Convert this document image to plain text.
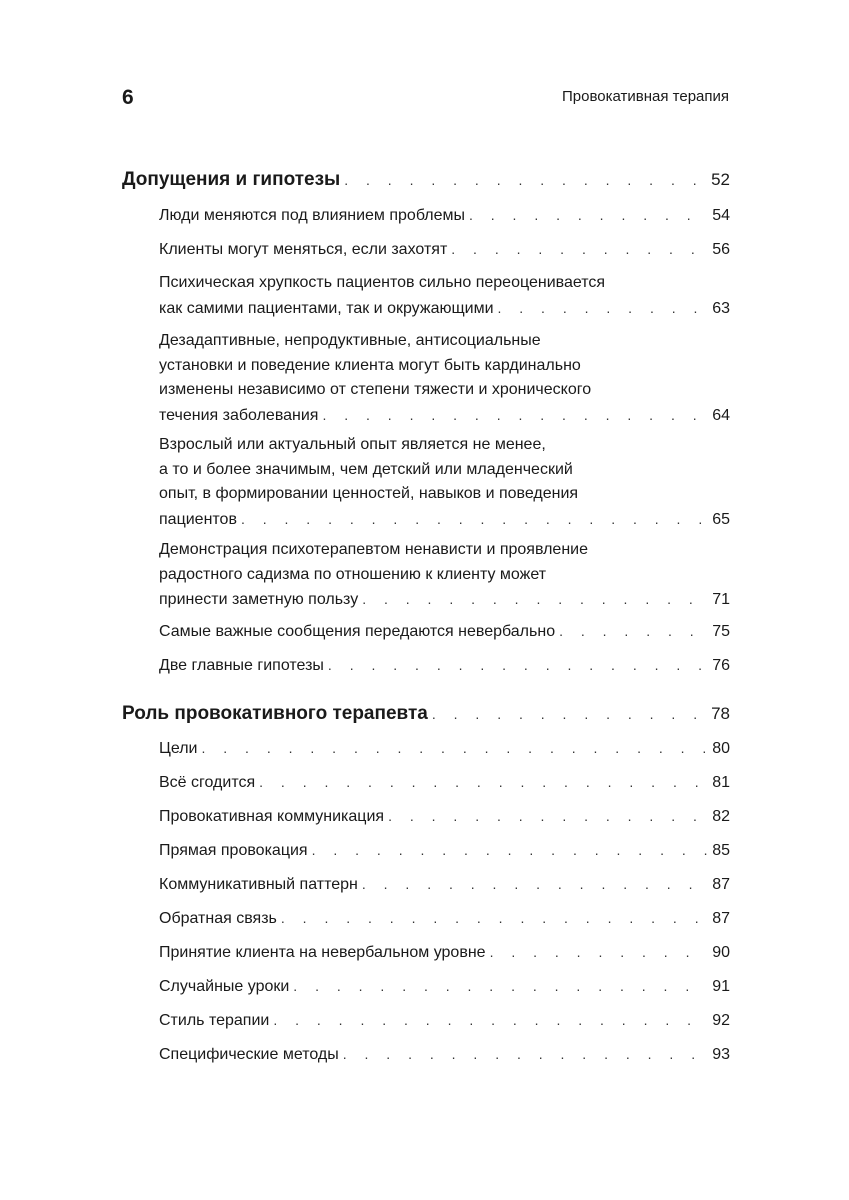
6	Провокативная терапия
Допущения и гипотезы . . .	52
Люди меняются под влиянием проблемы . . .	54
Клиенты могут меняться, если захотят . . .	56
Психическая хрупкость пациентов сильно переоценивается
как самими пациентами, так и окружающими . . .	63
Дезадаптивные, непродуктивные, антисоциальные
установки и поведение клиента могут быть кардинально
изменены независимо от степени тяжести и хронического
течения заболевания . . .	64
Взрослый или актуальный опыт является не менее,
а то и более значимым, чем детский или младенческий
опыт, в формировании ценностей, навыков и поведения
пациентов . . .	65
Демонстрация психотерапевтом ненависти и проявление
радостного садизма по отношению к клиенту может
принести заметную пользу . . .	71
Самые важные сообщения передаются невербально . . .	75
Две главные гипотезы . . .	76
Роль провокативного терапевта . . .	78
Цели . . .	80
Всё сгодится . . .	81
Провокативная коммуникация . . .	82
Прямая провокация . . .	85
Коммуникативный паттерн . . .	87
Обратная связь . . .	87
Принятие клиента на невербальном уровне . . .	90
Случайные уроки . . .	91
Стиль терапии . . .	92
Специфические методы . . .	93
